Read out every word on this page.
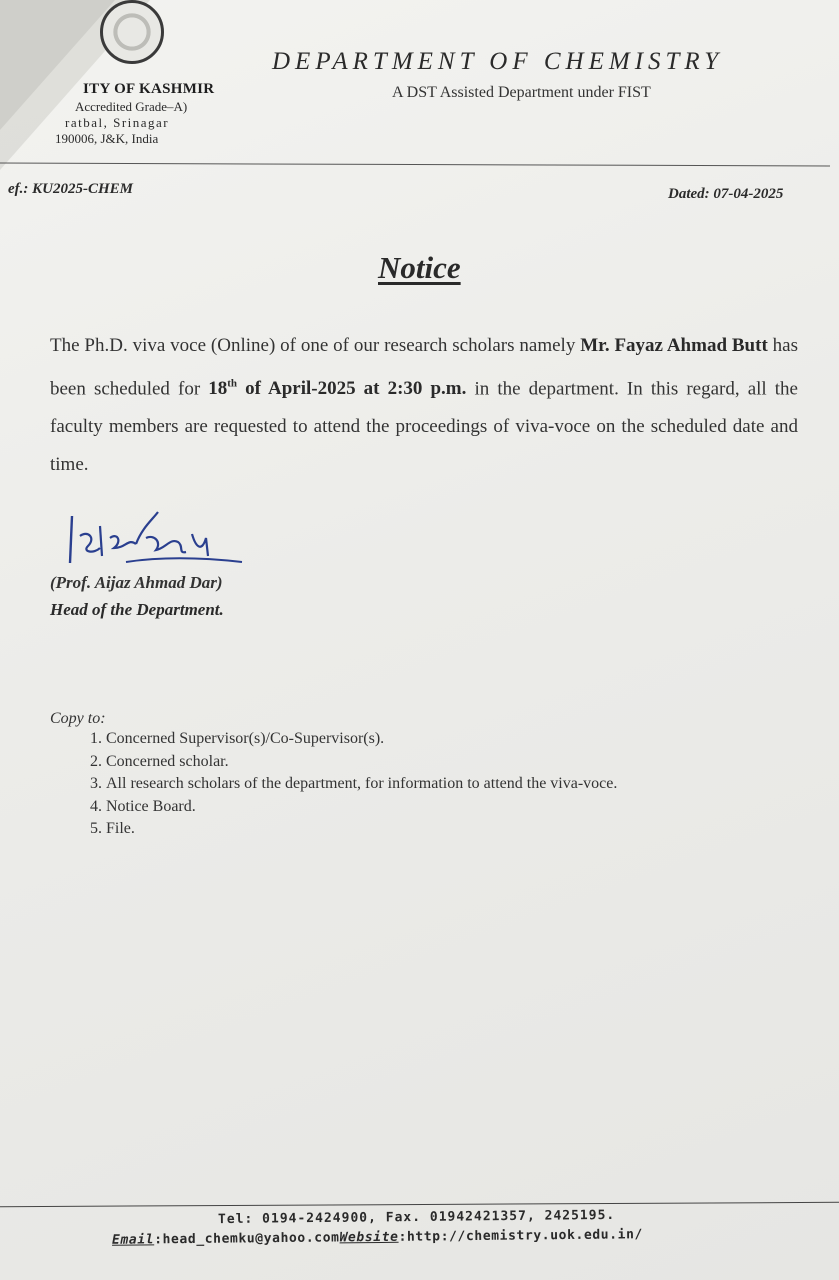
ITY OF KASHMIR
Accredited Grade–A)
ratbal, Srinagar
190006, J&K, India
DEPARTMENT OF CHEMISTRY
A DST Assisted Department under FIST
ef.: KU2025-CHEM	Dated: 07-04-2025
Notice
The Ph.D. viva voce (Online) of one of our research scholars namely Mr. Fayaz Ahmad Butt has been scheduled for 18th of April-2025 at 2:30 p.m. in the department. In this regard, all the faculty members are requested to attend the proceedings of viva-voce on the scheduled date and time.
(Prof. Aijaz Ahmad Dar)
Head of the Department.
Copy to:
1. Concerned Supervisor(s)/Co-Supervisor(s).
2. Concerned scholar.
3. All research scholars of the department, for information to attend the viva-voce.
4. Notice Board.
5. File.
Tel: 0194-2424900, Fax. 01942421357, 2425195.
Email:head_chemku@yahoo.comWebsite:http://chemistry.uok.edu.in/
